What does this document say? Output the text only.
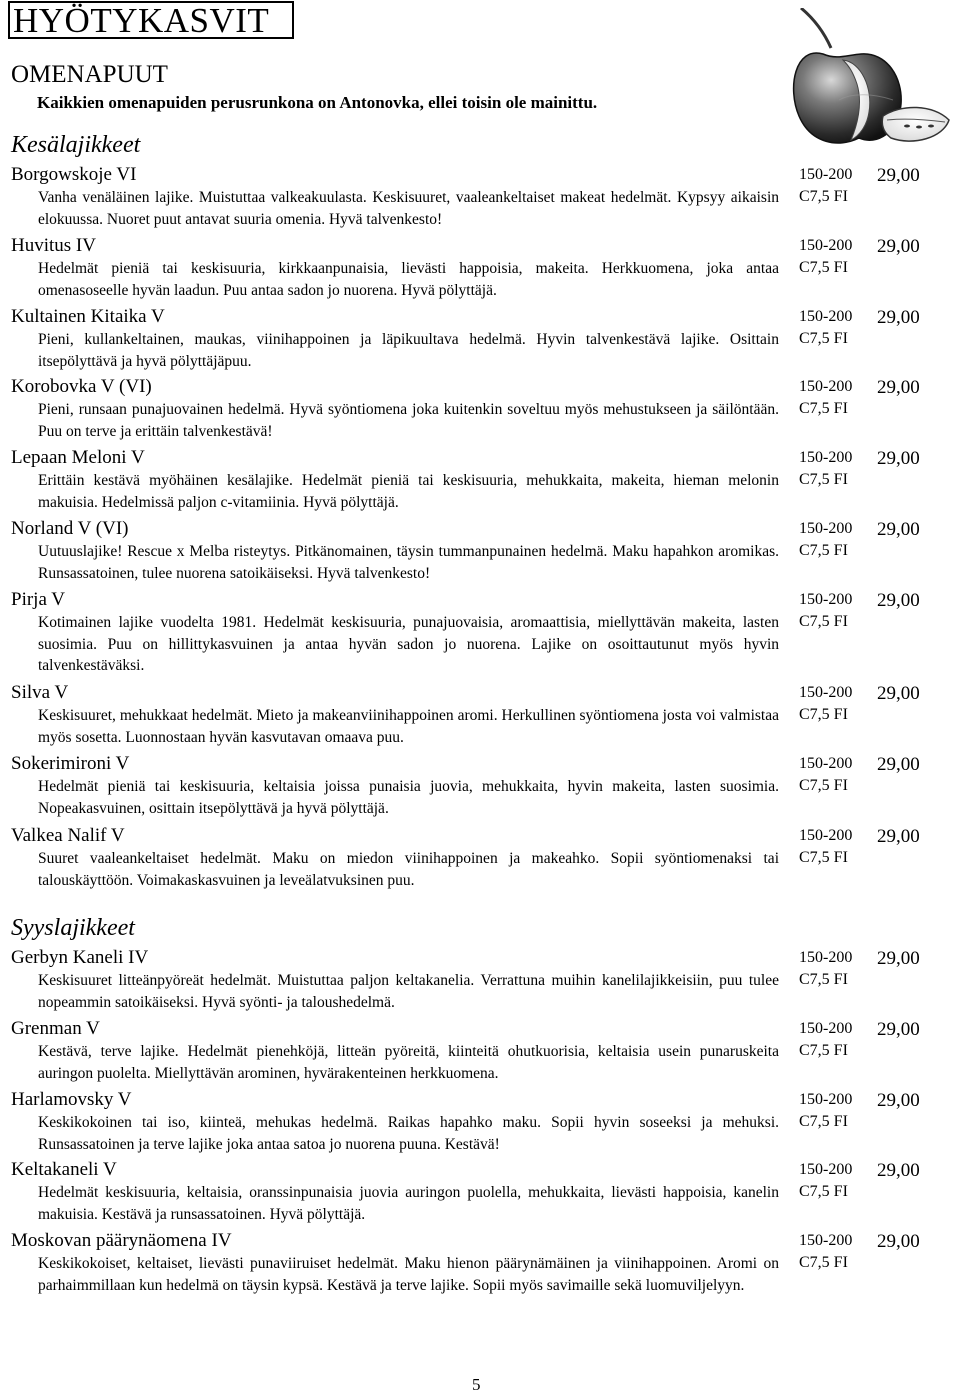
HYÖTYKASVIT
OMENAPUUT
Kaikkien omenapuiden perusrunkona on Antonovka, ellei toisin ole mainittu.
Kesälajikkeet
Borgowskoje VI

Vanha venäläinen lajike. Muistuttaa valkeakuulasta. Keskisuuret, vaaleankeltaiset makeat hedelmät. Kypsyy aikaisin elokuussa. Nuoret puut antavat suuria omenia. Hyvä talvenkesto!

150-200
C7,5 FI
29,00
Huvitus IV

Hedelmät pieniä tai keskisuuria, kirkkaanpunaisia, lievästi happoisia, makeita. Herkkuomena, joka antaa omenasoseelle hyvän laadun. Puu antaa sadon jo nuorena. Hyvä pölyttäjä.

150-200
C7,5 FI
29,00
Kultainen Kitaika V

Pieni, kullankeltainen, maukas, viinihappoinen ja läpikuultava hedelmä. Hyvin talvenkestävä lajike. Osittain itsepölyttävä ja hyvä pölyttäjäpuu.

150-200
C7,5 FI
29,00
Korobovka V (VI)

Pieni, runsaan punajuovainen hedelmä. Hyvä syöntiomena joka kuitenkin soveltuu myös mehustukseen ja säilöntään. Puu on terve ja erittäin talvenkestävä!

150-200
C7,5 FI
29,00
Lepaan Meloni V

Erittäin kestävä myöhäinen kesälajike. Hedelmät pieniä tai keskisuuria, mehukkaita, makeita, hieman melonin makuisia. Hedelmissä paljon c-vitamiinia. Hyvä pölyttäjä.

150-200
C7,5 FI
29,00
Norland V (VI)

Uutuuslajike! Rescue x Melba risteytys. Pitkänomainen, täysin tummanpunainen hedelmä. Maku hapahkon aromikas. Runsassatoinen, tulee nuorena satoikäiseksi. Hyvä talvenkesto!

150-200
C7,5 FI
29,00
Pirja V

Kotimainen lajike vuodelta 1981. Hedelmät keskisuuria, punajuovaisia, aromaattisia, miellyttävän makeita, lasten suosimia. Puu on hillittykasvuinen ja antaa hyvän sadon jo nuorena. Lajike on osoittautunut myös hyvin talvenkestäväksi.

150-200
C7,5 FI
29,00
Silva V

Keskisuuret, mehukkaat hedelmät. Mieto ja makeanviinihappoinen aromi. Herkullinen syöntiomena josta voi valmistaa myös sosetta. Luonnostaan hyvän kasvutavan omaava puu.

150-200
C7,5 FI
29,00
Sokerimironi V

Hedelmät pieniä tai keskisuuria, keltaisia joissa punaisia juovia, mehukkaita, hyvin makeita, lasten suosimia. Nopeakasvuinen, osittain itsepölyttävä ja hyvä pölyttäjä.

150-200
C7,5 FI
29,00
Valkea Nalif V

Suuret vaaleankeltaiset hedelmät. Maku on miedon viinihappoinen ja makeahko. Sopii syöntiomenaksi tai talouskäyttöön. Voimakaskasvuinen ja leveälatvuksinen puu.

150-200
C7,5 FI
29,00
Syyslajikkeet
Gerbyn Kaneli IV

Keskisuuret litteänpyöreät hedelmät. Muistuttaa paljon keltakanelia. Verrattuna muihin kanelilajikkeisiin, puu tulee nopeammin satoikäiseksi. Hyvä syönti- ja taloushedelmä.

150-200
C7,5 FI
29,00
Grenman V

Kestävä, terve lajike. Hedelmät pienehköjä, litteän pyöreitä, kiinteitä ohutkuorisia, keltaisia usein punaruskeita auringon puolelta. Miellyttävän arominen, hyvärakenteinen herkkuomena.

150-200
C7,5 FI
29,00
Harlamovsky V

Keskikokoinen tai iso, kiinteä, mehukas hedelmä. Raikas hapahko maku. Sopii hyvin soseeksi ja mehuksi. Runsassatoinen ja terve lajike joka antaa satoa jo nuorena puuna. Kestävä!

150-200
C7,5 FI
29,00
Keltakaneli V

Hedelmät keskisuuria, keltaisia, oranssinpunaisia juovia auringon puolella, mehukkaita, lievästi happoisia, kanelin makuisia. Kestävä ja runsassatoinen. Hyvä pölyttäjä.

150-200
C7,5 FI
29,00
Moskovan päärynäomena IV

Keskikokoiset, keltaiset, lievästi punaviiruiset hedelmät. Maku hienon päärynämäinen ja viinihappoinen. Aromi on parhaimmillaan kun hedelmä on täysin kypsä. Kestävä ja terve lajike. Sopii myös savimaille sekä luomuviljelyyn.

150-200
C7,5 FI
29,00
5
